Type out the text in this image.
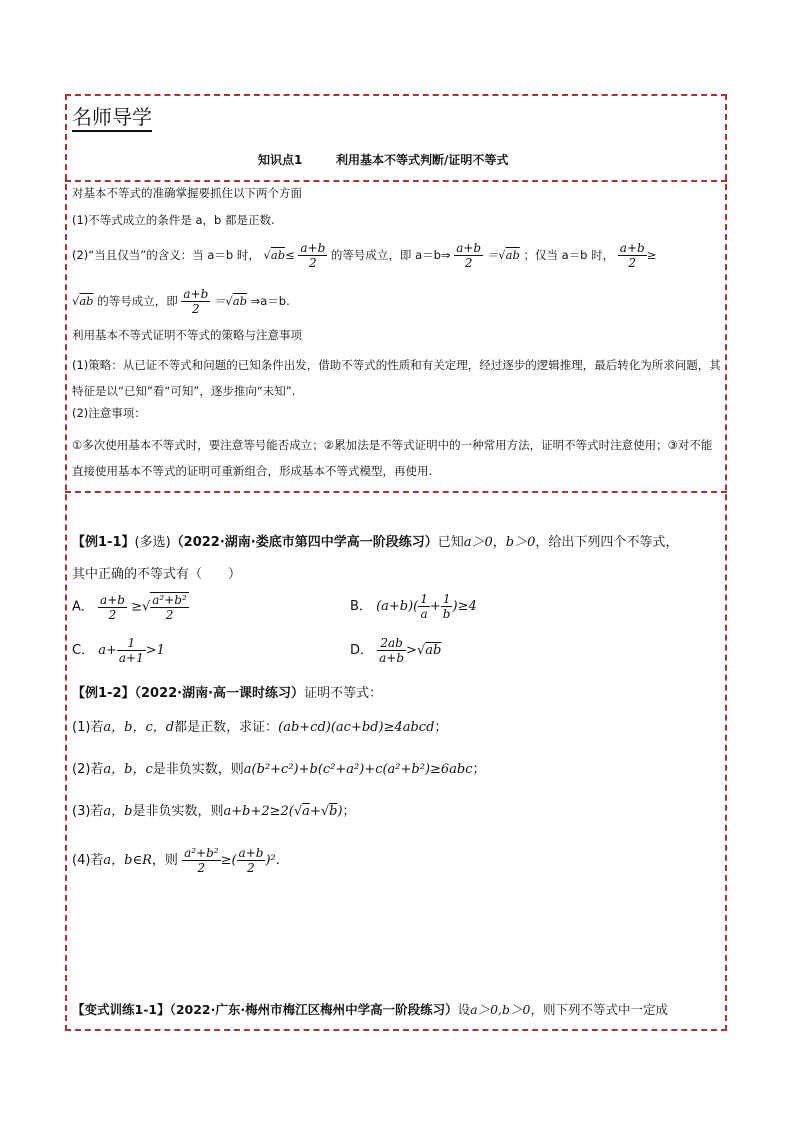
名师导学
知识点1	利用基本不等式判断/证明不等式
对基本不等式的准确掌握要抓住以下两个方面
(1)不等式成立的条件是 a，b 都是正数.
(2)“当且仅当”的含义：当 a＝b 时， $√ab\le \frac{a+b}{2}$ 的等号成立，即 a＝b⇒ $\frac{a+b}{2} =√ab$ ；仅当 a＝b 时， $\frac{a+b}{2}$ ≥
√ab 的等号成立，即 $\frac{a+b}{2} =√ab$ ⇒a＝b.
利用基本不等式证明不等式的策略与注意事项
(1)策略：从已证不等式和问题的已知条件出发，借助不等式的性质和有关定理，经过逐步的逻辑推理，最后转化为所求问题，其特征是以“已知”看“可知”，逐步推向“未知”.
(2)注意事项：
①多次使用基本不等式时，要注意等号能否成立；②累加法是不等式证明中的一种常用方法，证明不等式时注意使用；③对不能直接使用基本不等式的证明可重新组合，形成基本不等式模型，再使用.
【例1-1】(多选)（2022·湖南·娄底市第四中学高一阶段练习）已知a＞0，b＞0，给出下列四个不等式，
其中正确的不等式有（　　）
A． $\frac{a+b}{2}$ ≥√ $\frac{\text{a²+b²}}{2}$	B． $(a+b)( \frac{1}{a} + \frac{1}{b} )\ge 4$
C． $a+ \frac{1}{a+1} >1$	D． $\frac{2ab}{a+b} >√ab$
【例1-2】（2022·湖南·高一课时练习）证明不等式：
(1)若a，b，c，d都是正数，求证：(ab+cd)(ac+bd)≥4abcd；
(2)若a，b，c是非负实数，则a(b²+c²)+b(c²+a²)+c(a²+b²)≥6abc；
(3)若a，b是非负实数，则a+b+2≥2(√a+√b)；
(4)若a，b∈R，则 $\frac{\text{a²+b²}}{2}$ ≥( $\frac{a+b}{2} )^2$.
【变式训练1-1】（2022·广东·梅州市梅江区梅州中学高一阶段练习）设a＞0,b＞0，则下列不等式中一定成
